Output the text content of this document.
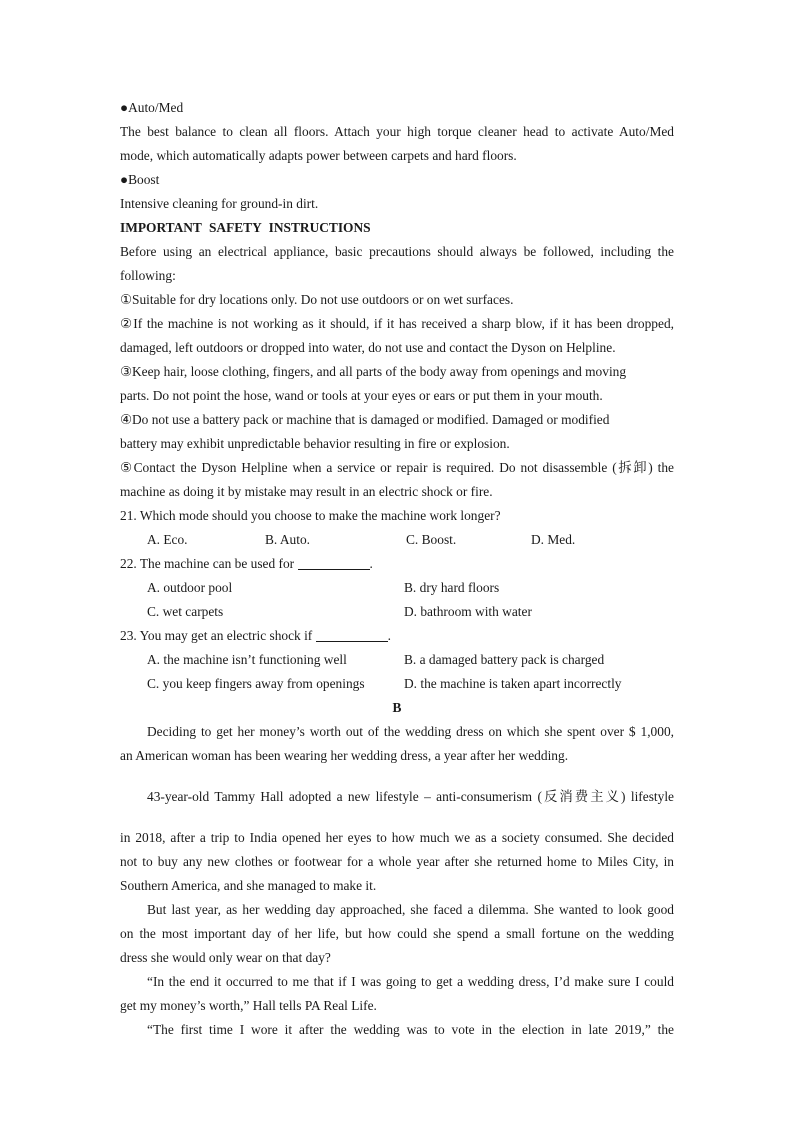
●Auto/Med
The best balance to clean all floors. Attach your high torque cleaner head to activate Auto/Med
mode, which automatically adapts power between carpets and hard floors.
●Boost
Intensive cleaning for ground-in dirt.
IMPORTANT SAFETY INSTRUCTIONS
Before using an electrical appliance, basic precautions should always be followed, including the
following:
①Suitable for dry locations only. Do not use outdoors or on wet surfaces.
②If the machine is not working as it should, if it has received a sharp blow, if it has been dropped,
damaged, left outdoors or dropped into water, do not use and contact the Dyson on Helpline.
③Keep hair, loose clothing, fingers, and all parts of the body away from openings and moving
parts. Do not point the hose, wand or tools at your eyes or ears or put them in your mouth.
④Do not use a battery pack or machine that is damaged or modified. Damaged or modified
battery may exhibit unpredictable behavior resulting in fire or explosion.
⑤Contact the Dyson Helpline when a service or repair is required. Do not disassemble (拆卸) the
machine as doing it by mistake may result in an electric shock or fire.
21. Which mode should you choose to make the machine work longer?
A. Eco.	B. Auto.	C. Boost.	D. Med.
22. The machine can be used for	.
A. outdoor pool	B. dry hard floors
C. wet carpets	D. bathroom with water
23. You may get an electric shock if	.
A. the machine isn’t functioning well	B. a damaged battery pack is charged
C. you keep fingers away from openings	D. the machine is taken apart incorrectly
B
Deciding to get her money’s worth out of the wedding dress on which she spent over $ 1,000,
an American woman has been wearing her wedding dress, a year after her wedding.
43-year-old Tammy Hall adopted a new lifestyle – anti-consumerism (反消费主义) lifestyle
in 2018, after a trip to India opened her eyes to how much we as a society consumed. She decided
not to buy any new clothes or footwear for a whole year after she returned home to Miles City, in
Southern America, and she managed to make it.
But last year, as her wedding day approached, she faced a dilemma. She wanted to look good
on the most important day of her life, but how could she spend a small fortune on the wedding
dress she would only wear on that day?
“In the end it occurred to me that if I was going to get a wedding dress, I’d make sure I could
get my money’s worth,” Hall tells PA Real Life.
“The first time I wore it after the wedding was to vote in the election in late 2019,” the
